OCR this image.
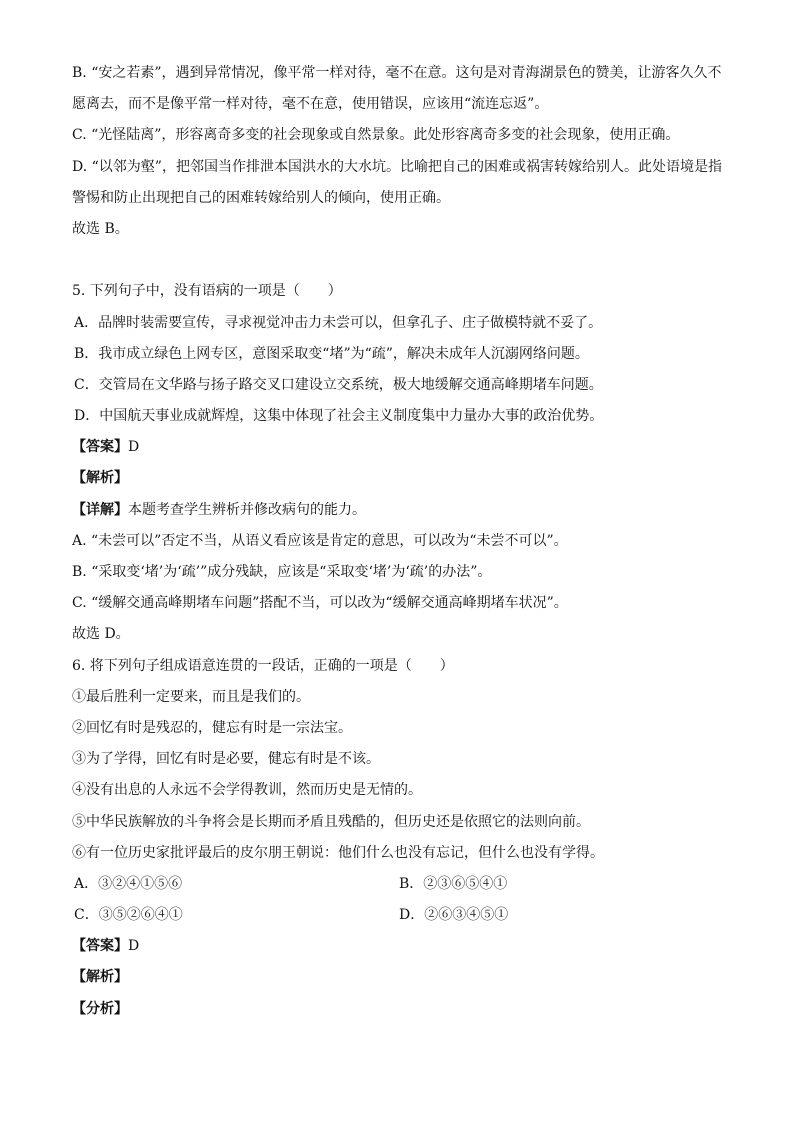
B. “安之若素”，遇到异常情况，像平常一样对待，毫不在意。这句是对青海湖景色的赞美，让游客久久不
愿离去，而不是像平常一样对待，毫不在意，使用错误，应该用“流连忘返”。
C. “光怪陆离”，形容离奇多变的社会现象或自然景象。此处形容离奇多变的社会现象，使用正确。
D. “以邻为壑”，把邻国当作排泄本国洪水的大水坑。比喻把自己的困难或祸害转嫁给别人。此处语境是指
警惕和防止出现把自己的困难转嫁给别人的倾向，使用正确。
故选 B。
5. 下列句子中，没有语病的一项是（　　）
A．品牌时装需要宣传，寻求视觉冲击力未尝可以，但拿孔子、庄子做模特就不妥了。
B．我市成立绿色上网专区，意图采取变“堵”为“疏”，解决未成年人沉溺网络问题。
C．交管局在文华路与扬子路交叉口建设立交系统，极大地缓解交通高峰期堵车问题。
D．中国航天事业成就辉煌，这集中体现了社会主义制度集中力量办大事的政治优势。
【答案】D
【解析】
【详解】本题考查学生辨析并修改病句的能力。
A. “未尝可以”否定不当，从语义看应该是肯定的意思，可以改为“未尝不可以”。
B. “采取变‘堵’为‘疏’”成分残缺，应该是“采取变‘堵’为‘疏’的办法”。
C. “缓解交通高峰期堵车问题”搭配不当，可以改为“缓解交通高峰期堵车状况”。
故选 D。
6. 将下列句子组成语意连贯的一段话，正确的一项是（　　）
①最后胜利一定要来，而且是我们的。
②回忆有时是残忍的，健忘有时是一宗法宝。
③为了学得，回忆有时是必要，健忘有时是不该。
④没有出息的人永远不会学得教训，然而历史是无情的。
⑤中华民族解放的斗争将会是长期而矛盾且残酷的，但历史还是依照它的法则向前。
⑥有一位历史家批评最后的皮尔朋王朝说：他们什么也没有忘记，但什么也没有学得。
A．③②④①⑤⑥	B．②③⑥⑤④①
C．③⑤②⑥④①	D．②⑥③④⑤①
【答案】D
【解析】
【分析】
